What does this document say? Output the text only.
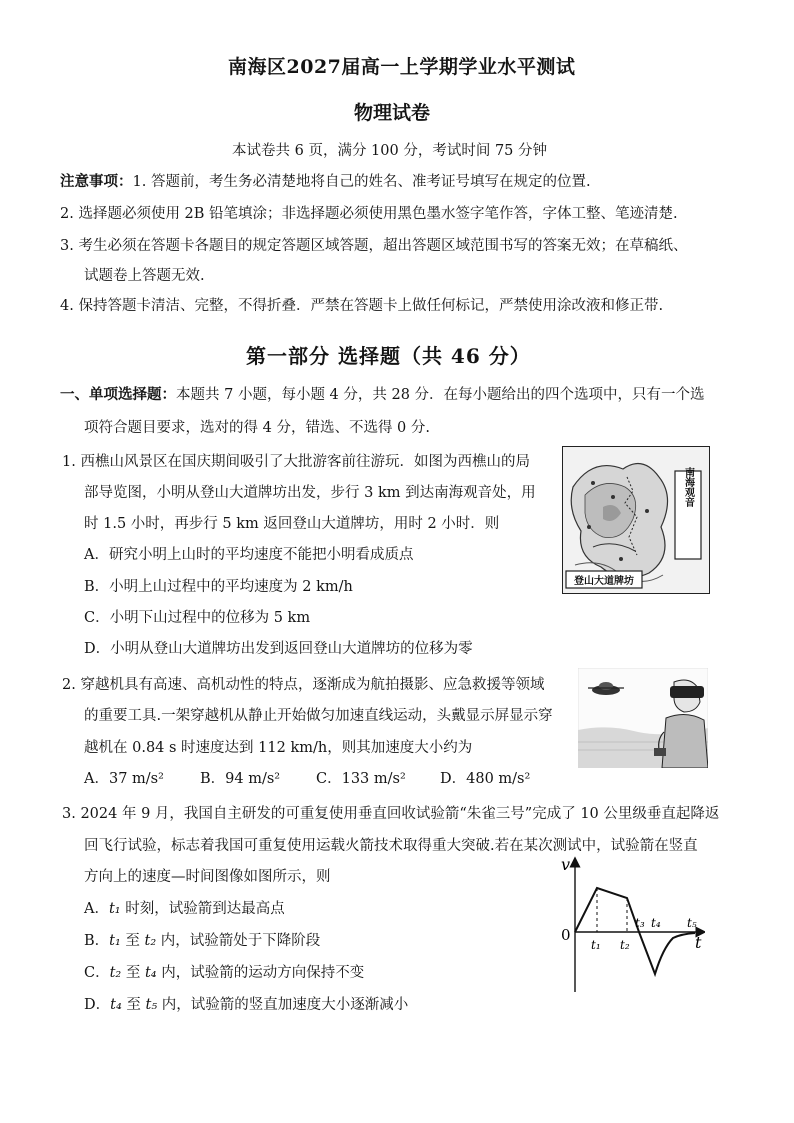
南海区2027届高一上学期学业水平测试
物理试卷
本试卷共 6 页，满分 100 分，考试时间 75 分钟
注意事项：1. 答题前，考生务必清楚地将自己的姓名、准考证号填写在规定的位置.
2. 选择题必须使用 2B 铅笔填涂；非选择题必须使用黑色墨水签字笔作答，字体工整、笔迹清楚.
3. 考生必须在答题卡各题目的规定答题区域答题，超出答题区域范围书写的答案无效；在草稿纸、
试题卷上答题无效.
4. 保持答题卡清洁、完整，不得折叠．严禁在答题卡上做任何标记，严禁使用涂改液和修正带.
第一部分 选择题（共 46 分）
一、单项选择题：本题共 7 小题，每小题 4 分，共 28 分．在每小题给出的四个选项中，只有一个选
项符合题目要求，选对的得 4 分，错选、不选得 0 分.
1. 西樵山风景区在国庆期间吸引了大批游客前往游玩．如图为西樵山的局
部导览图，小明从登山大道牌坊出发，步行 3 km 到达南海观音处，用
时 1.5 小时，再步行 5 km 返回登山大道牌坊，用时 2 小时．则
A．研究小明上山时的平均速度不能把小明看成质点
B．小明上山过程中的平均速度为 2 km/h
C．小明下山过程中的位移为 5 km
D．小明从登山大道牌坊出发到返回登山大道牌坊的位移为零
南海观音
登山大道牌坊
2. 穿越机具有高速、高机动性的特点，逐渐成为航拍摄影、应急救援等领域
的重要工具.一架穿越机从静止开始做匀加速直线运动，头戴显示屏显示穿
越机在 0.84 s 时速度达到 112 km/h，则其加速度大小约为
A．37 m/s² B．94 m/s² C．133 m/s² D．480 m/s²
3. 2024 年 9 月，我国自主研发的可重复使用垂直回收试验箭“朱雀三号”完成了 10 公里级垂直起降返
回飞行试验，标志着我国可重复使用运载火箭技术取得重大突破.若在某次测试中，试验箭在竖直
方向上的速度—时间图像如图所示，则
A．t₁ 时刻，试验箭到达最高点
B．t₁ 至 t₂ 内，试验箭处于下降阶段
C．t₂ 至 t₄ 内，试验箭的运动方向保持不变
D．t₄ 至 t₅ 内，试验箭的竖直加速度大小逐渐减小
v
t
0
t₁ t₂
t₃ t₄ t₅
